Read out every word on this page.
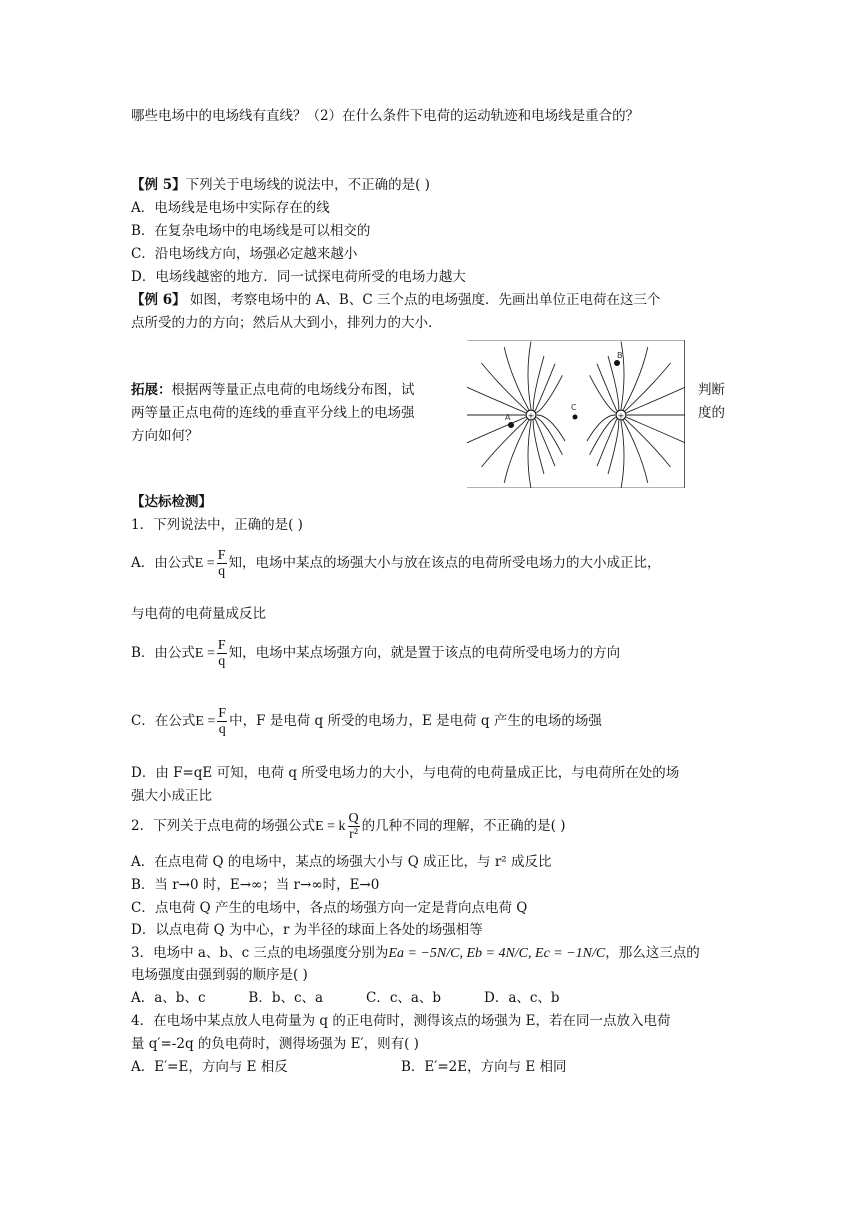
哪些电场中的电场线有直线？（2）在什么条件下电荷的运动轨迹和电场线是重合的？
【例 5】下列关于电场线的说法中，不正确的是( )
A．电场线是电场中实际存在的线
B．在复杂电场中的电场线是可以相交的
C．沿电场线方向，场强必定越来越小
D．电场线越密的地方．同一试探电荷所受的电场力越大
【例 6】 如图，考察电场中的 A、B、C 三个点的电场强度．先画出单位正电荷在这三个
点所受的力的方向；然后从大到小，排列力的大小．
拓展：根据两等量正点电荷的电场线分布图，试	判断
两等量正点电荷的连线的垂直平分线上的电场强	度的
方向如何？
+	+
A
B
C
【达标检测】
1．下列说法中，正确的是( )
A．由公式$E = \frac{F}{q}$ 知，电场中某点的场强大小与放在该点的电荷所受电场力的大小成正比，
与电荷的电荷量成反比
B．由公式$E = \frac{F}{q}$ 知，电场中某点场强方向，就是置于该点的电荷所受电场力的方向
C．在公式$E = \frac{F}{q}$ 中，F 是电荷 q 所受的电场力，E 是电荷 q 产生的电场的场强
D．由 F=qE 可知，电荷 q 所受电场力的大小，与电荷的电荷量成正比，与电荷所在处的场
强大小成正比
2．下列关于点电荷的场强公式E = k $\frac{Q}{\text{r²}}$ 的几种不同的理解，不正确的是( )
A．在点电荷 Q 的电场中，某点的场强大小与 Q 成正比，与 r² 成反比
B．当 r→0 时，E→∞；当 r→∞时，E→0
C．点电荷 Q 产生的电场中，各点的场强方向一定是背向点电荷 Q
D．以点电荷 Q 为中心，r 为半径的球面上各处的场强相等
3．电场中 a、b、c 三点的电场强度分别为Ea = −5N/C, Eb = 4N/C, Ec = −1N/C，那么这三点的
电场强度由强到弱的顺序是( )
A．a、b、c          B．b、c、a          C．c、a、b          D．a、c、b
4．在电场中某点放人电荷量为 q 的正电荷时，测得该点的场强为 E，若在同一点放入电荷
量 q′=-2q 的负电荷时，测得场强为 E′，则有( )
A．E′=E，方向与 E 相反	B．E′=2E，方向与 E 相同
